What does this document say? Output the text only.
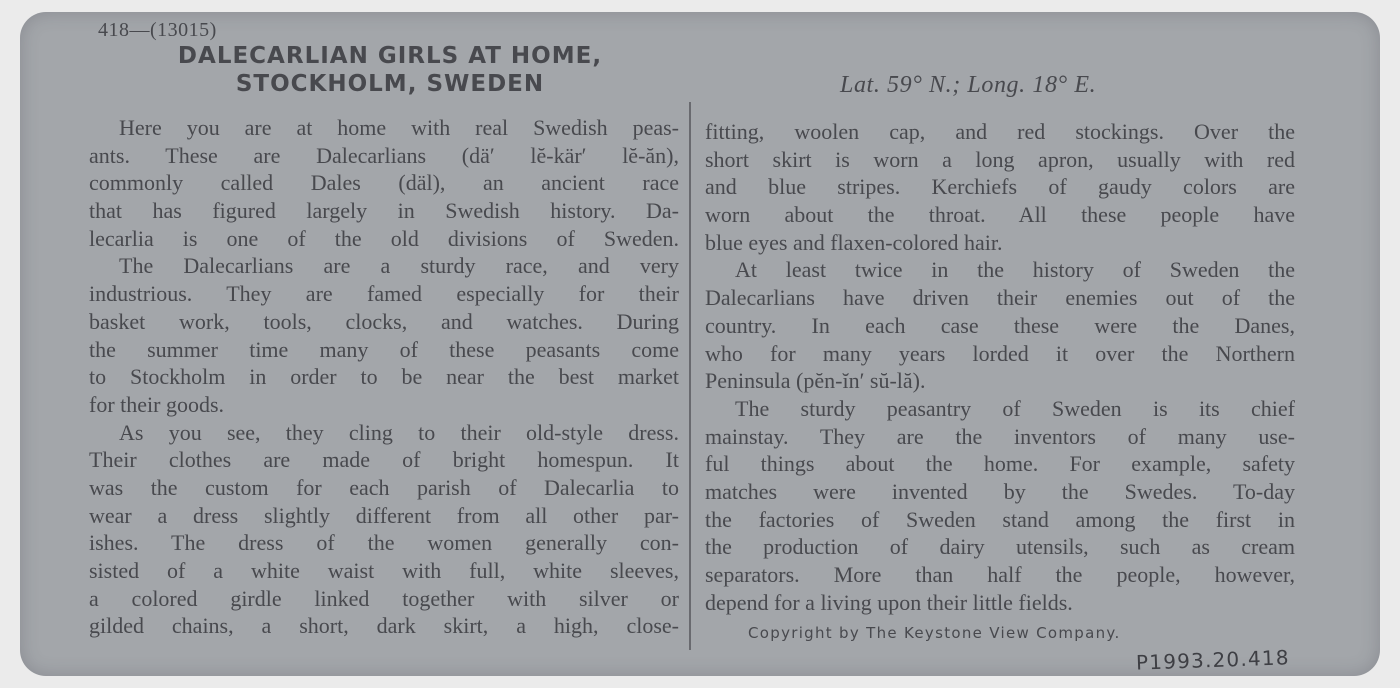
418—(13015)
DALECARLIAN GIRLS AT HOME,
STOCKHOLM, SWEDEN	Lat. 59° N.; Long. 18° E.
Here you are at home with real Swedish peas-
ants. These are Dalecarlians (dä′ lĕ-kär′ lĕ-ăn),
commonly called Dales (däl), an ancient race
that has figured largely in Swedish history. Da-
lecarlia is one of the old divisions of Sweden.
The Dalecarlians are a sturdy race, and very
industrious. They are famed especially for their
basket work, tools, clocks, and watches. During
the summer time many of these peasants come
to Stockholm in order to be near the best market
for their goods.
As you see, they cling to their old-style dress.
Their clothes are made of bright homespun. It
was the custom for each parish of Dalecarlia to
wear a dress slightly different from all other par-
ishes. The dress of the women generally con-
sisted of a white waist with full, white sleeves,
a colored girdle linked together with silver or
gilded chains, a short, dark skirt, a high, close-
fitting, woolen cap, and red stockings. Over the
short skirt is worn a long apron, usually with red
and blue stripes. Kerchiefs of gaudy colors are
worn about the throat. All these people have
blue eyes and flaxen-colored hair.
At least twice in the history of Sweden the
Dalecarlians have driven their enemies out of the
country. In each case these were the Danes,
who for many years lorded it over the Northern
Peninsula (pĕn-ĭn′ sŭ-lă).
The sturdy peasantry of Sweden is its chief
mainstay. They are the inventors of many use-
ful things about the home. For example, safety
matches were invented by the Swedes. To-day
the factories of Sweden stand among the first in
the production of dairy utensils, such as cream
separators. More than half the people, however,
depend for a living upon their little fields.
Copyright by The Keystone View Company.
P1993.20.418
